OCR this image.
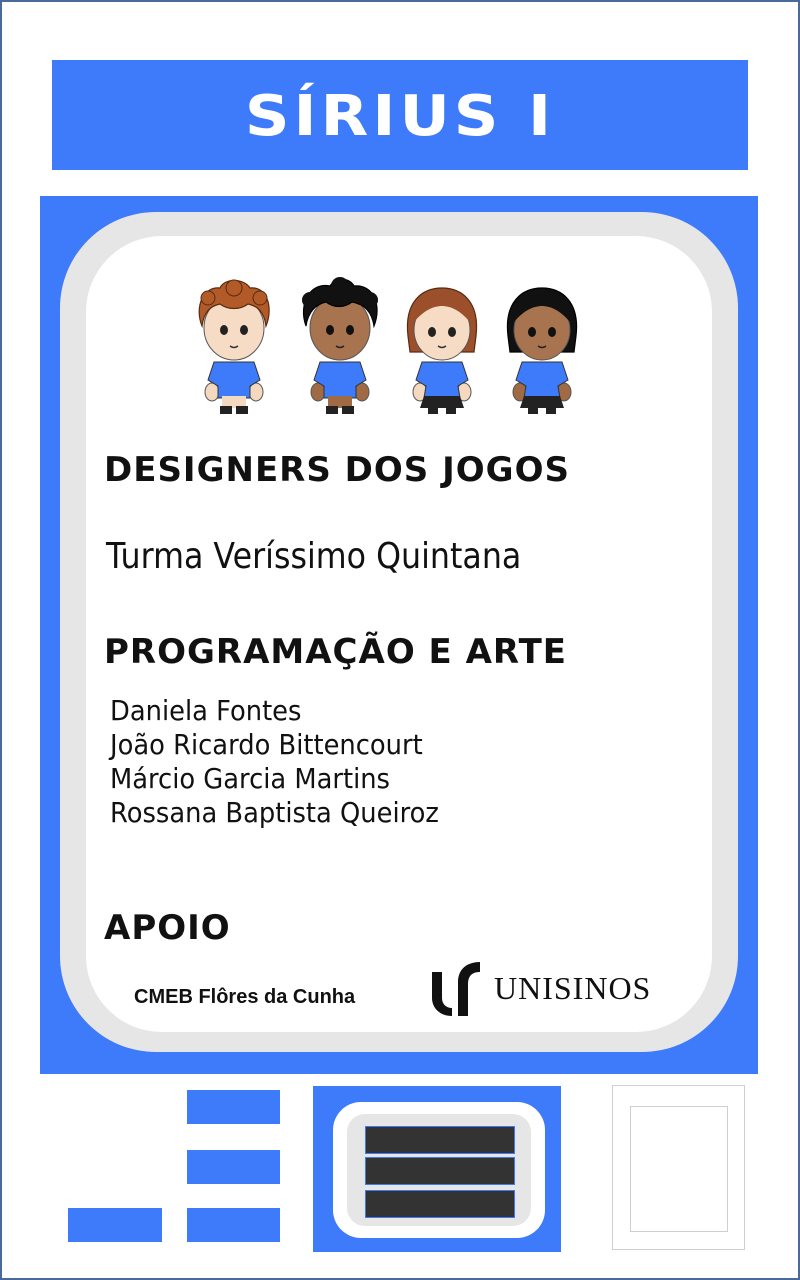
SÍRIUS I
DESIGNERS DOS JOGOS
Turma Veríssimo Quintana
PROGRAMAÇÃO E ARTE
Daniela Fontes
João Ricardo Bittencourt
Márcio Garcia Martins
Rossana Baptista Queiroz
APOIO
CMEB Flôres da Cunha	UNISINOS
